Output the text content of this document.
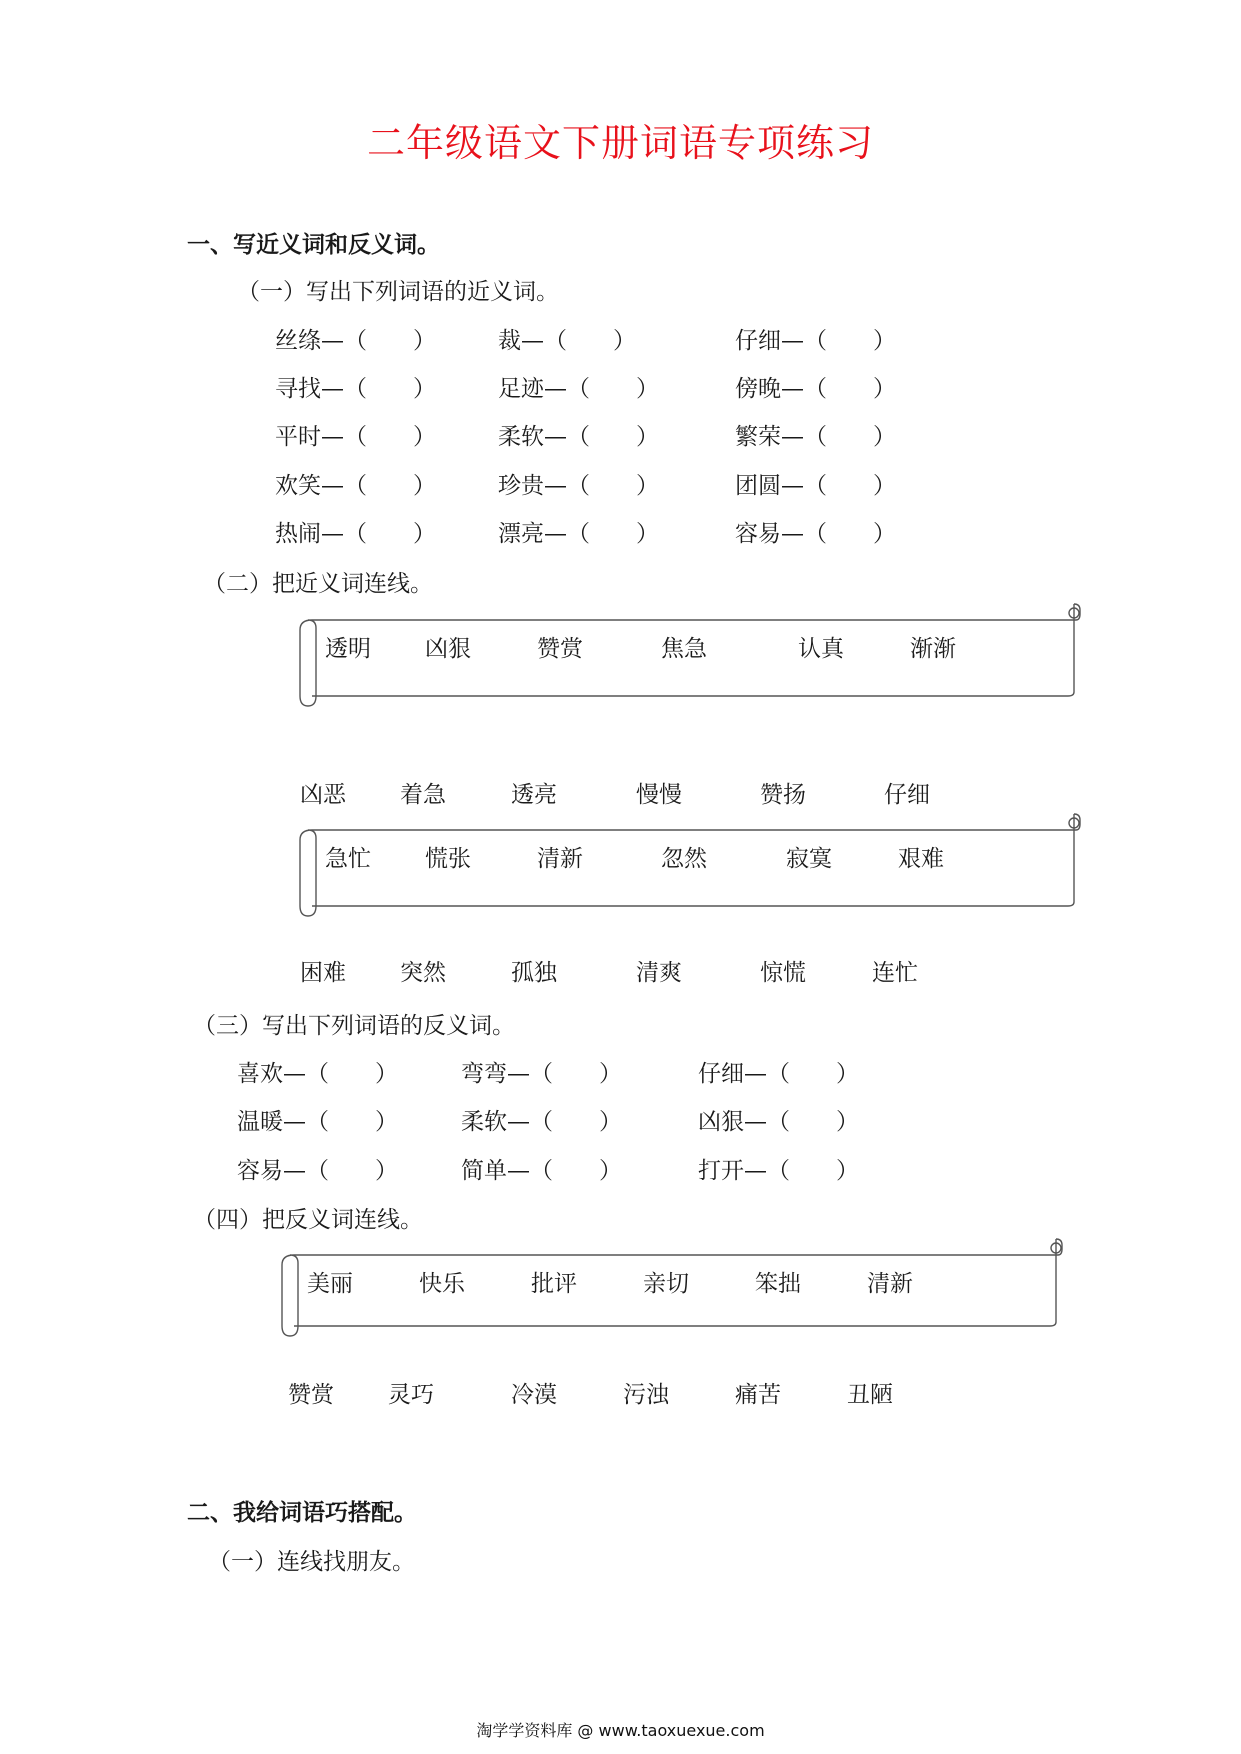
二年级语文下册词语专项练习
一、写近义词和反义词。
（一）写出下列词语的近义词。
丝绦—（　　）	裁—（　　）	仔细—（　　）
寻找—（　　）	足迹—（　　）	傍晚—（　　）
平时—（　　）	柔软—（　　）	繁荣—（　　）
欢笑—（　　）	珍贵—（　　）	团圆—（　　）
热闹—（　　）	漂亮—（　　）	容易—（　　）
（二）把近义词连线。
透明 凶狠	赞赏	焦急	认真	渐渐
凶恶 着急	透亮	慢慢	赞扬	仔细
急忙 慌张	清新	忽然	寂寞	艰难
困难 突然	孤独	清爽	惊慌	连忙
（三）写出下列词语的反义词。
喜欢—（　　）	弯弯—（　　）	仔细—（　　）
温暖—（　　）	柔软—（　　）	凶狠—（　　）
容易—（　　）	简单—（　　）	打开—（　　）
（四）把反义词连线。
美丽	快乐	批评	亲切	笨拙	清新
赞赏 灵巧	冷漠	污浊	痛苦	丑陋
二、我给词语巧搭配。
（一）连线找朋友。
淘学学资料库 @ www.taoxuexue.com
